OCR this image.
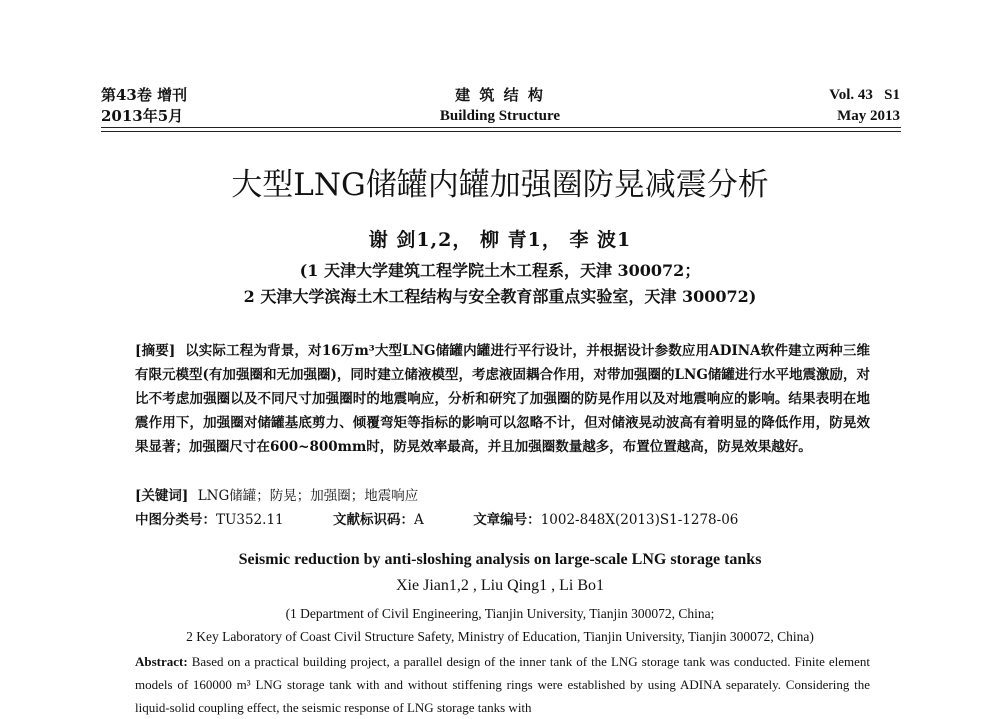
第43卷 增刊
2013年5月
建 筑 结 构
Building Structure
Vol. 43   S1
May 2013
大型LNG储罐内罐加强圈防晃减震分析
谢 剑1,2， 柳 青1， 李 波1
(1 天津大学建筑工程学院土木工程系，天津 300072；
2 天津大学滨海土木工程结构与安全教育部重点实验室，天津 300072)
[摘要] 以实际工程为背景，对16万m³大型LNG储罐内罐进行平行设计，并根据设计参数应用ADINA软件建立两种三维有限元模型(有加强圈和无加强圈)，同时建立储液模型，考虑液固耦合作用，对带加强圈的LNG储罐进行水平地震激励，对比不考虑加强圈以及不同尺寸加强圈时的地震响应，分析和研究了加强圈的防晃作用以及对地震响应的影响。结果表明在地震作用下，加强圈对储罐基底剪力、倾覆弯矩等指标的影响可以忽略不计，但对储液晃动波高有着明显的降低作用，防晃效果显著；加强圈尺寸在600~800mm时，防晃效率最高，并且加强圈数量越多，布置位置越高，防晃效果越好。
[关键词] LNG储罐；防晃；加强圈；地震响应
中图分类号：TU352.11	文献标识码：A	文章编号：1002-848X(2013)S1-1278-06
Seismic reduction by anti-sloshing analysis on large-scale LNG storage tanks
Xie Jian1,2 , Liu Qing1 , Li Bo1
(1 Department of Civil Engineering, Tianjin University, Tianjin 300072, China;
2 Key Laboratory of Coast Civil Structure Safety, Ministry of Education, Tianjin University, Tianjin 300072, China)
Abstract: Based on a practical building project, a parallel design of the inner tank of the LNG storage tank was conducted. Finite element models of 160000 m³ LNG storage tank with and without stiffening rings were established by using ADINA separately. Considering the liquid-solid coupling effect, the seismic response of LNG storage tanks with
